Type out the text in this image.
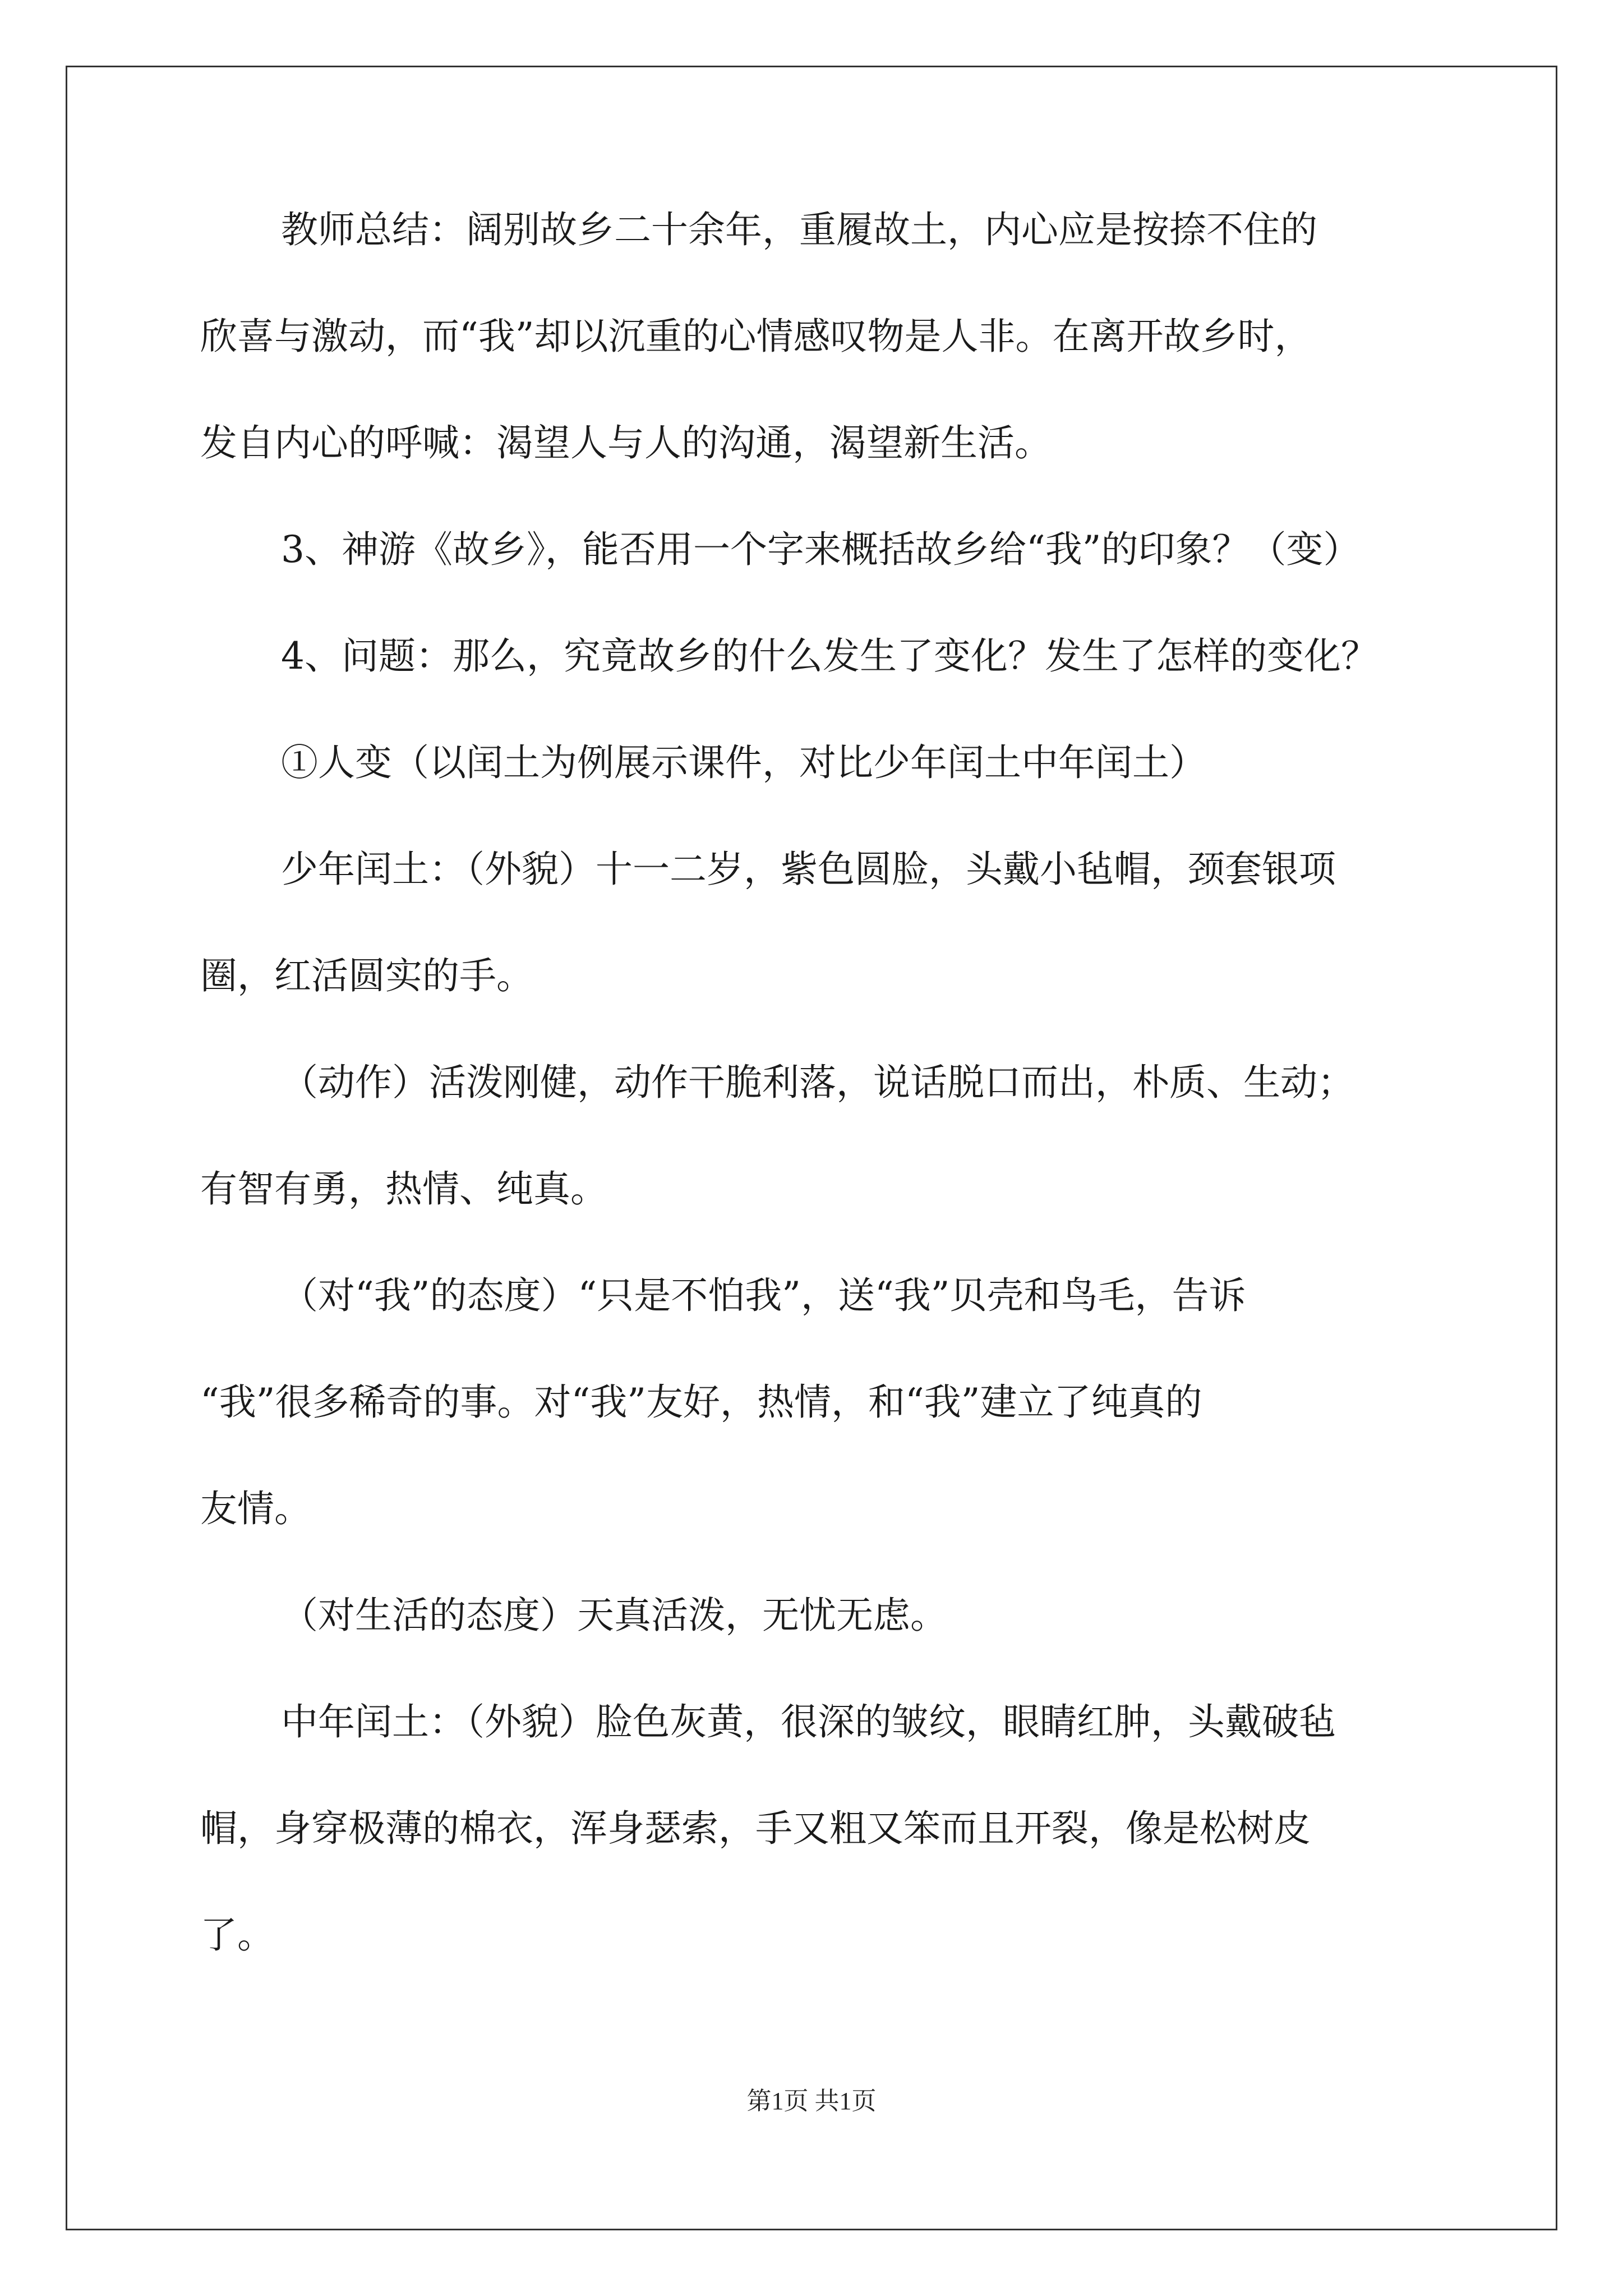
教师总结：阔别故乡二十余年，重履故土，内心应是按捺不住的
欣喜与激动，而“我”却以沉重的心情感叹物是人非。在离开故乡时，
发自内心的呼喊：渴望人与人的沟通，渴望新生活。
3、神游《故乡》，能否用一个字来概括故乡给“我”的印象？（变）
4、问题：那么，究竟故乡的什么发生了变化？发生了怎样的变化？
①人变（以闰土为例展示课件，对比少年闰土中年闰土）
少年闰土：（外貌）十一二岁，紫色圆脸，头戴小毡帽，颈套银项
圈，红活圆实的手。
（动作）活泼刚健，动作干脆利落，说话脱口而出，朴质、生动；
有智有勇，热情、纯真。
（对“我”的态度）“只是不怕我”，送“我”贝壳和鸟毛，告诉
“我”很多稀奇的事。对“我”友好，热情，和“我”建立了纯真的
友情。
（对生活的态度）天真活泼，无忧无虑。
中年闰土：（外貌）脸色灰黄，很深的皱纹，眼睛红肿，头戴破毡
帽，身穿极薄的棉衣，浑身瑟索，手又粗又笨而且开裂，像是松树皮
了。
第1页 共1页
